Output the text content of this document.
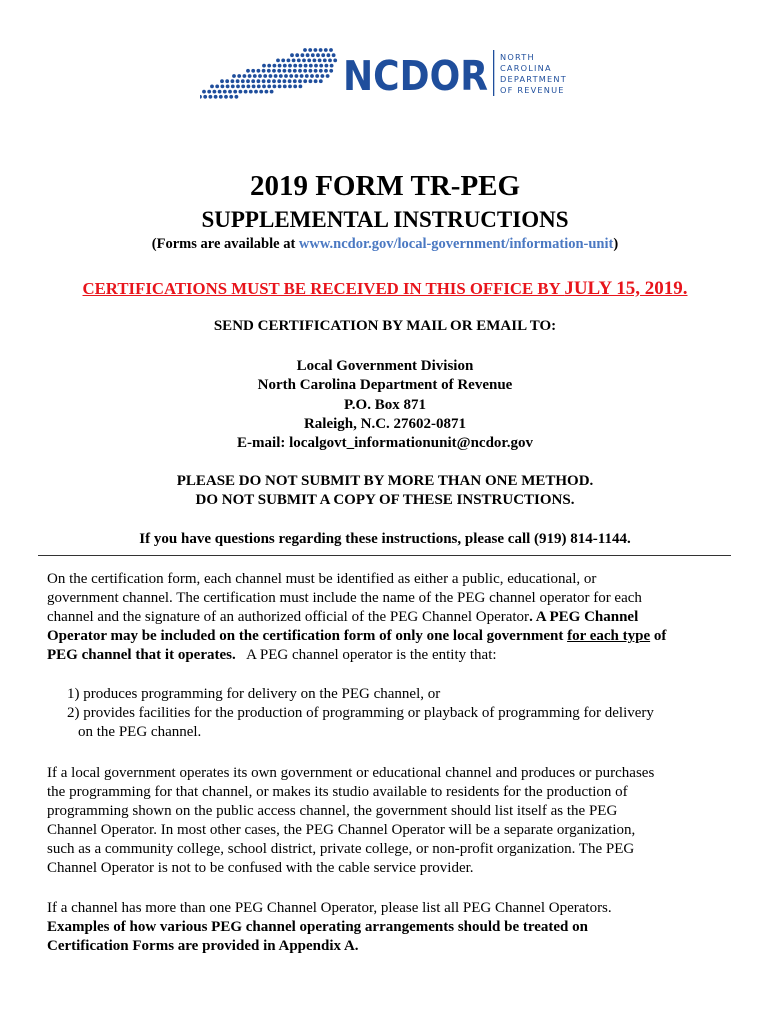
NCDOR NORTH
CAROLINA
DEPARTMENT
OF REVENUE
2019 FORM TR-PEG
SUPPLEMENTAL INSTRUCTIONS
(Forms are available at www.ncdor.gov/local-government/information-unit)
CERTIFICATIONS MUST BE RECEIVED IN THIS OFFICE BY JULY 15, 2019.
SEND CERTIFICATION BY MAIL OR EMAIL TO:
Local Government Division
North Carolina Department of Revenue
P.O. Box 871
Raleigh, N.C. 27602-0871
E-mail: localgovt_informationunit@ncdor.gov
PLEASE DO NOT SUBMIT BY MORE THAN ONE METHOD.
DO NOT SUBMIT A COPY OF THESE INSTRUCTIONS.
If you have questions regarding these instructions, please call (919) 814-1144.
On the certification form, each channel must be identified as either a public, educational, or
government channel. The certification must include the name of the PEG channel operator for each
channel and the signature of an authorized official of the PEG Channel Operator. A PEG Channel
Operator may be included on the certification form of only one local government for each type of
PEG channel that it operates.   A PEG channel operator is the entity that:
1) produces programming for delivery on the PEG channel, or
2) provides facilities for the production of programming or playback of programming for delivery
on the PEG channel.
If a local government operates its own government or educational channel and produces or purchases
the programming for that channel, or makes its studio available to residents for the production of
programming shown on the public access channel, the government should list itself as the PEG
Channel Operator. In most other cases, the PEG Channel Operator will be a separate organization,
such as a community college, school district, private college, or non-profit organization. The PEG
Channel Operator is not to be confused with the cable service provider.
If a channel has more than one PEG Channel Operator, please list all PEG Channel Operators.
Examples of how various PEG channel operating arrangements should be treated on
Certification Forms are provided in Appendix A.
